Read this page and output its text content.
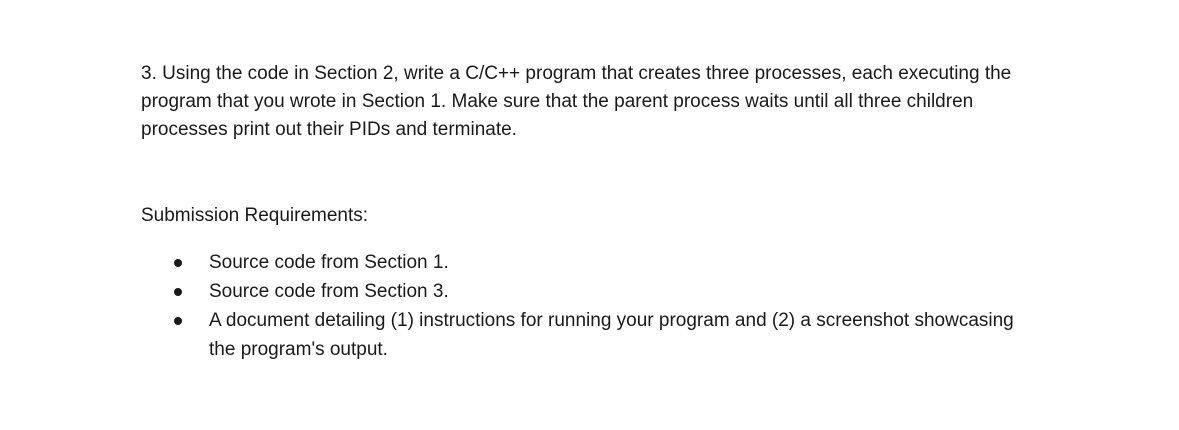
3. Using the code in Section 2, write a C/C++ program that creates three processes, each executing the
program that you wrote in Section 1. Make sure that the parent process waits until all three children
processes print out their PIDs and terminate.

Submission Requirements:

Source code from Section 1.
Source code from Section 3.
A document detailing (1) instructions for running your program and (2) a screenshot showcasing
the program's output.
